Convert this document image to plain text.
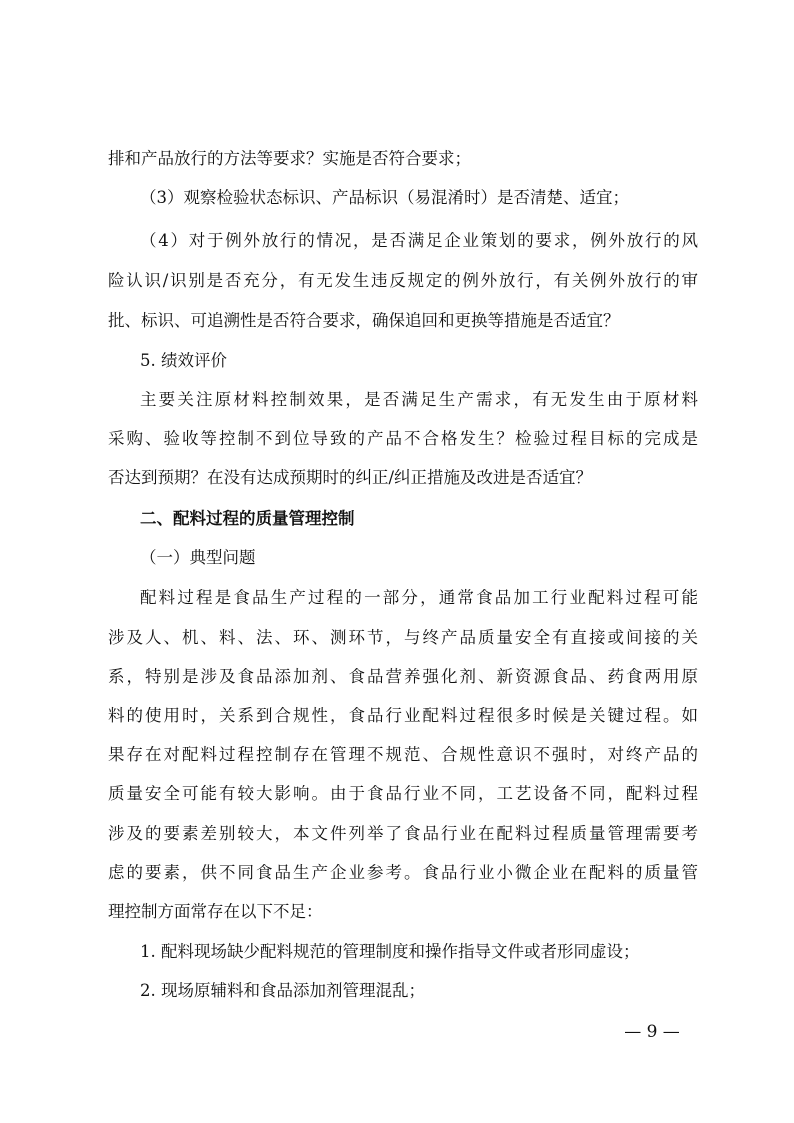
排和产品放行的方法等要求？实施是否符合要求；
（3）观察检验状态标识、产品标识（易混淆时）是否清楚、适宜；
（4）对于例外放行的情况，是否满足企业策划的要求，例外放行的风
险认识/识别是否充分，有无发生违反规定的例外放行，有关例外放行的审
批、标识、可追溯性是否符合要求，确保追回和更换等措施是否适宜？
5. 绩效评价
主要关注原材料控制效果，是否满足生产需求，有无发生由于原材料
采购、验收等控制不到位导致的产品不合格发生？检验过程目标的完成是
否达到预期？在没有达成预期时的纠正/纠正措施及改进是否适宜？
二、配料过程的质量管理控制
（一）典型问题
配料过程是食品生产过程的一部分，通常食品加工行业配料过程可能
涉及人、机、料、法、环、测环节，与终产品质量安全有直接或间接的关
系，特别是涉及食品添加剂、食品营养强化剂、新资源食品、药食两用原
料的使用时，关系到合规性，食品行业配料过程很多时候是关键过程。如
果存在对配料过程控制存在管理不规范、合规性意识不强时，对终产品的
质量安全可能有较大影响。由于食品行业不同，工艺设备不同，配料过程
涉及的要素差别较大，本文件列举了食品行业在配料过程质量管理需要考
虑的要素，供不同食品生产企业参考。食品行业小微企业在配料的质量管
理控制方面常存在以下不足：
1. 配料现场缺少配料规范的管理制度和操作指导文件或者形同虚设；
2. 现场原辅料和食品添加剂管理混乱；
— 9 —
